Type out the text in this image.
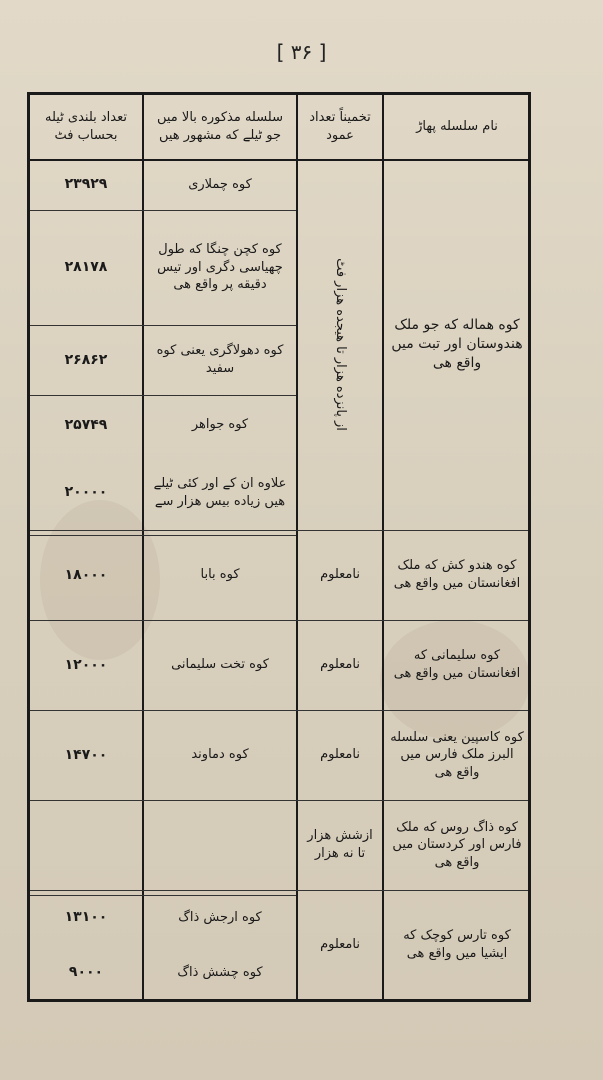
[ ۳۶ ]
نام سلسله پهاڑ
تخمیناً تعداد عمود
سلسله مذکوره بالا میں جو ٹیلے که مشهور هیں
تعداد بلندی ٹیله بحساب فٹ
کوه هماله که جو ملک هندوستان اور تبت میں واقع هی
کوه هندو کش که ملک افغانستان میں واقع هی
کوه سلیمانی که افغانستان میں واقع هی
کوه کاسپین یعنی سلسله البرز ملک فارس میں واقع هی
کوه ذاگ روس که ملک فارس اور کردستان میں واقع هی
کوه تارس کوچک که ایشیا میں واقع هی
از پانزده هزار تا هیجده هزار فٹ
نامعلوم
نامعلوم
نامعلوم
ازشش هزار تا نه هزار
نامعلوم
کوه چملاری
کوه کچن چنگا که طول چهیاسی دگری اور تیس دقیقه پر واقع هی
کوه دهولاگری یعنی کوه سفید
کوه جواهر
علاوه ان کے اور کئی ٹیلے هیں زیاده بیس هزار سے
کوه بابا
کوه تخت سلیمانی
کوه دماوند
کوه ارجش ذاگ
کوه چشش ذاگ
۲۳۹۲۹
۲۸۱۷۸
۲۶۸۶۲
۲۵۷۴۹
۲۰۰۰۰
۱۸۰۰۰
۱۲۰۰۰
۱۴۷۰۰
۱۳۱۰۰
۹۰۰۰
